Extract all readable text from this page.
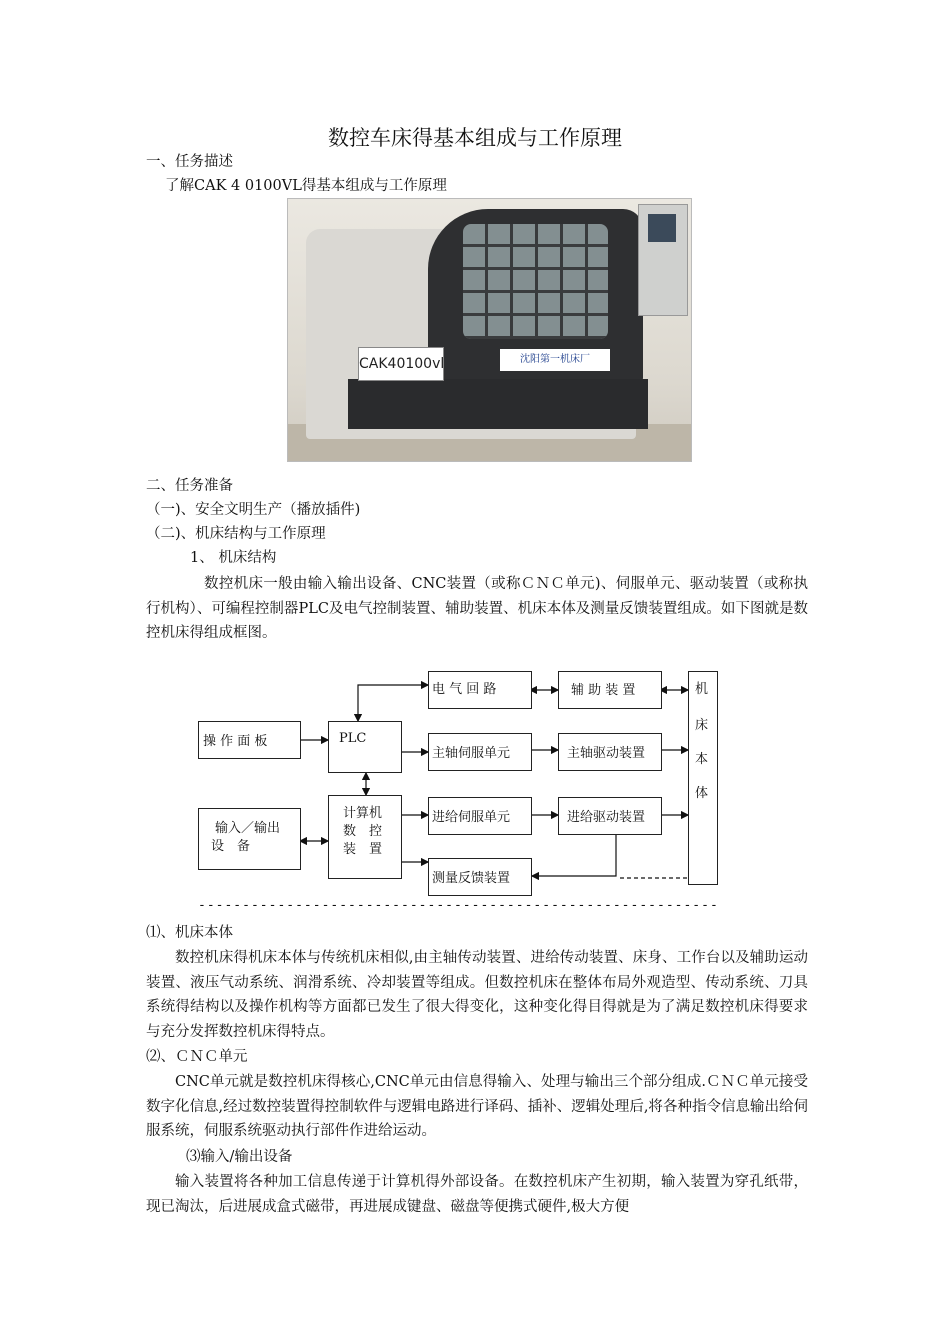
数控车床得基本组成与工作原理
一、任务描述
了解CAK 4 0100VL得基本组成与工作原理
CAK40100vl	沈阳第一机床厂
二、任务准备
（一)、安全文明生产（播放插件)
（二)、机床结构与工作原理
1、 机床结构
数控机床一般由输入输出设备、CNC装置（或称ＣＮＣ单元)、伺服单元、驱动装置（或称执行机构）、可编程控制器PLC及电气控制装置、辅助装置、机床本体及测量反馈装置组成。如下图就是数控机床得组成框图。
操 作 面 板
输入／输出
设　备
PLC
计算机
数　控
装　置
电 气 回 路	辅 助 装 置
主轴伺服单元	主轴驱动装置
进给伺服单元	进给驱动装置
测量反馈装置
机
床
本
体
-----------------------------------------------------------
⑴、机床本体
数控机床得机床本体与传统机床相似,由主轴传动装置、进给传动装置、床身、工作台以及辅助运动装置、液压气动系统、润滑系统、冷却装置等组成。但数控机床在整体布局外观造型、传动系统、刀具系统得结构以及操作机构等方面都已发生了很大得变化，这种变化得目得就是为了满足数控机床得要求与充分发挥数控机床得特点。
⑵、ＣＮＣ单元
CNC单元就是数控机床得核心,CNC单元由信息得输入、处理与输出三个部分组成.ＣＮＣ单元接受数字化信息,经过数控装置得控制软件与逻辑电路进行译码、插补、逻辑处理后,将各种指令信息输出给伺服系统，伺服系统驱动执行部件作进给运动。
⑶输入/输出设备
输入装置将各种加工信息传递于计算机得外部设备。在数控机床产生初期，输入装置为穿孔纸带，现已淘汰，后进展成盒式磁带，再进展成键盘、磁盘等便携式硬件,极大方便
